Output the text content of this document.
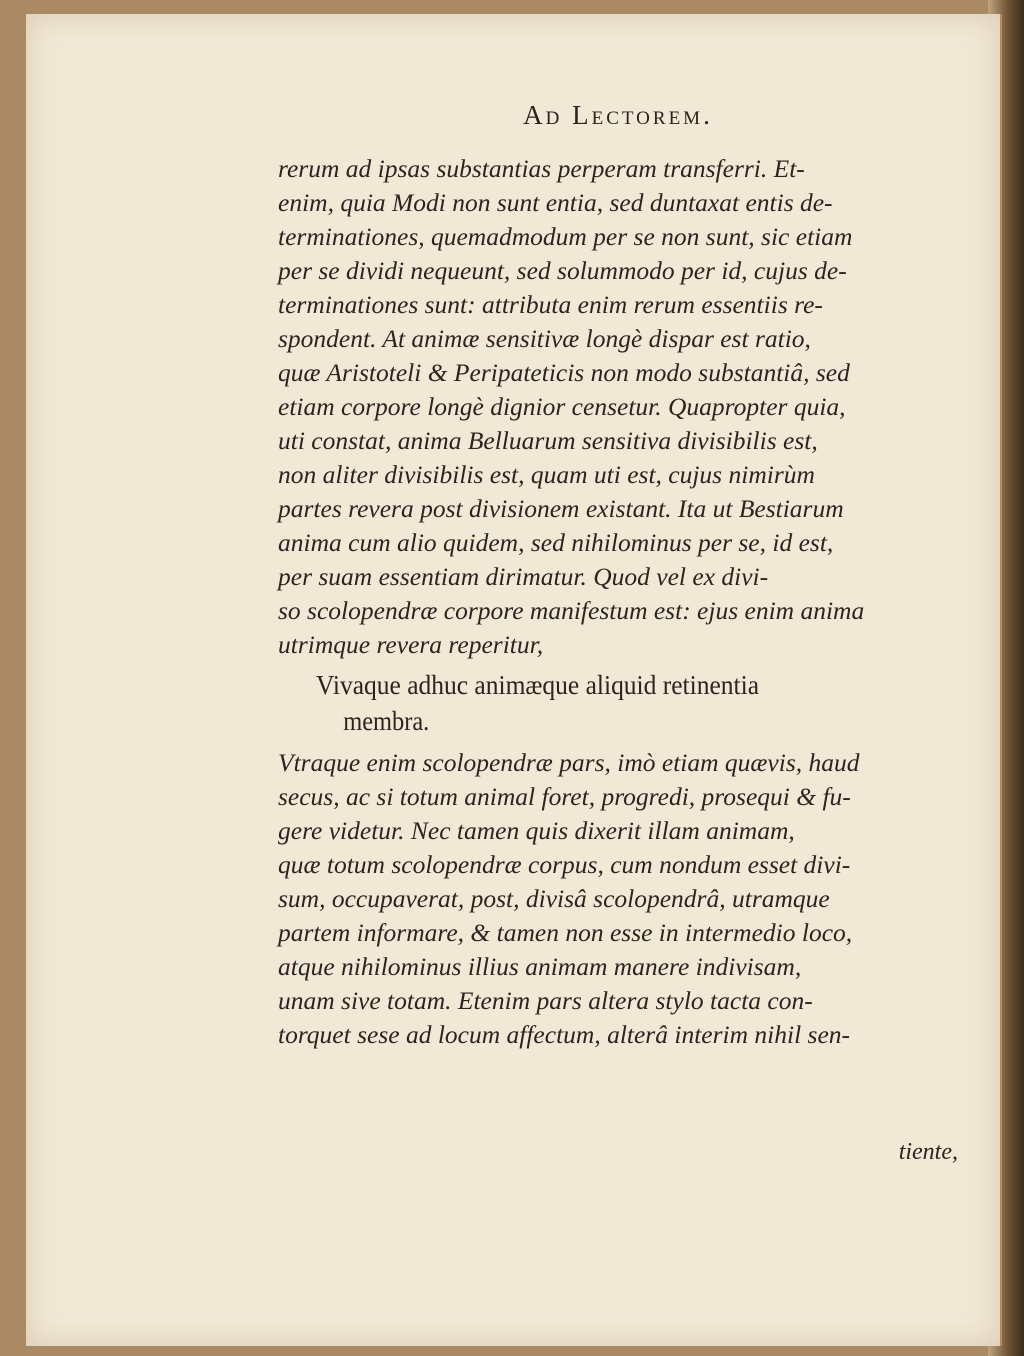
Ad Lectorem.
rerum ad ipsas substantias perperam transferri. Et-
enim, quia Modi non sunt entia, sed duntaxat entis de-
terminationes, quemadmodum per se non sunt, sic etiam
per se dividi nequeunt, sed solummodo per id, cujus de-
terminationes sunt: attributa enim rerum essentiis re-
spondent. At animæ sensitivæ longè dispar est ratio,
quæ Aristoteli & Peripateticis non modo substantiâ, sed
etiam corpore longè dignior censetur. Quapropter quia,
uti constat, anima Belluarum sensitiva divisibilis est,
non aliter divisibilis est, quam uti est, cujus nimirùm
partes revera post divisionem existant. Ita ut Bestiarum
anima cum alio quidem, sed nihilominus per se, id est,
per suam essentiam dirimatur. Quod vel ex divi-
so scolopendræ corpore manifestum est: ejus enim anima
utrimque revera reperitur,
Vivaque adhuc animæque aliquid retinentia
membra.
Vtraque enim scolopendræ pars, imò etiam quævis, haud
secus, ac si totum animal foret, progredi, prosequi & fu-
gere videtur. Nec tamen quis dixerit illam animam,
quæ totum scolopendræ corpus, cum nondum esset divi-
sum, occupaverat, post, divisâ scolopendrâ, utramque
partem informare, & tamen non esse in intermedio loco,
atque nihilominus illius animam manere indivisam,
unam sive totam. Etenim pars altera stylo tacta con-
torquet sese ad locum affectum, alterâ interim nihil sen-
tiente,
